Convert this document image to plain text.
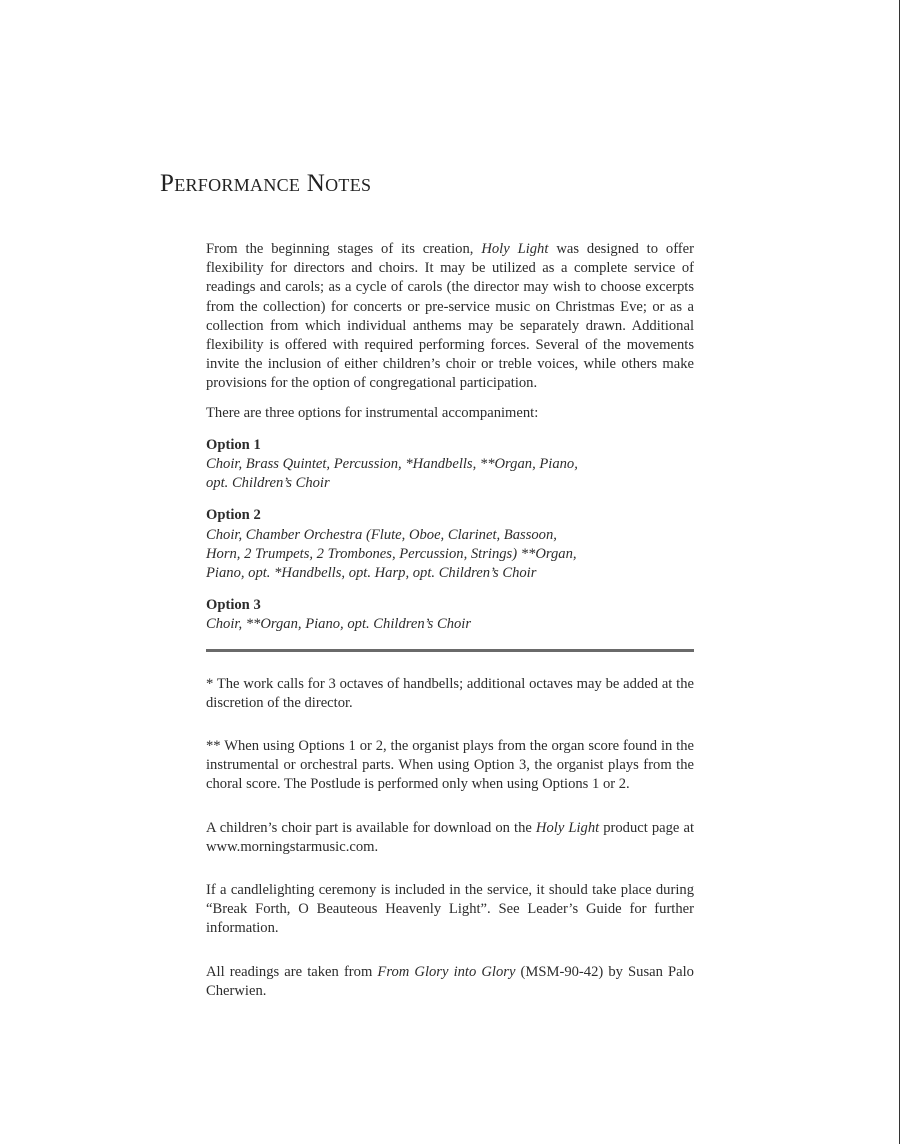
Performance Notes

From the beginning stages of its creation, Holy Light was designed to offer flexibility for directors and choirs. It may be utilized as a complete service of readings and carols; as a cycle of carols (the director may wish to choose excerpts from the collection) for concerts or pre-service music on Christmas Eve; or as a collection from which individual anthems may be separately drawn. Additional flexibility is offered with required performing forces. Several of the movements invite the inclusion of either children’s choir or treble voices, while others make provisions for the option of congregational participation.

There are three options for instrumental accompaniment:

Option 1
Choir, Brass Quintet, Percussion, *Handbells, **Organ, Piano, opt. Children’s Choir
Option 2
Choir, Chamber Orchestra (Flute, Oboe, Clarinet, Bassoon, Horn, 2 Trumpets, 2 Trombones, Percussion, Strings) **Organ, Piano, opt. *Handbells, opt. Harp, opt. Children’s Choir
Option 3
Choir, **Organ, Piano, opt. Children’s Choir

* The work calls for 3 octaves of handbells; additional octaves may be added at the discretion of the director.

** When using Options 1 or 2, the organist plays from the organ score found in the instrumental or orchestral parts. When using Option 3, the organist plays from the choral score. The Postlude is performed only when using Options 1 or 2.

A children’s choir part is available for download on the Holy Light product page at www.morningstarmusic.com.

If a candlelighting ceremony is included in the service, it should take place during “Break Forth, O Beauteous Heavenly Light”. See Leader’s Guide for further information.

All readings are taken from From Glory into Glory (MSM-90-42) by Susan Palo Cherwien.
